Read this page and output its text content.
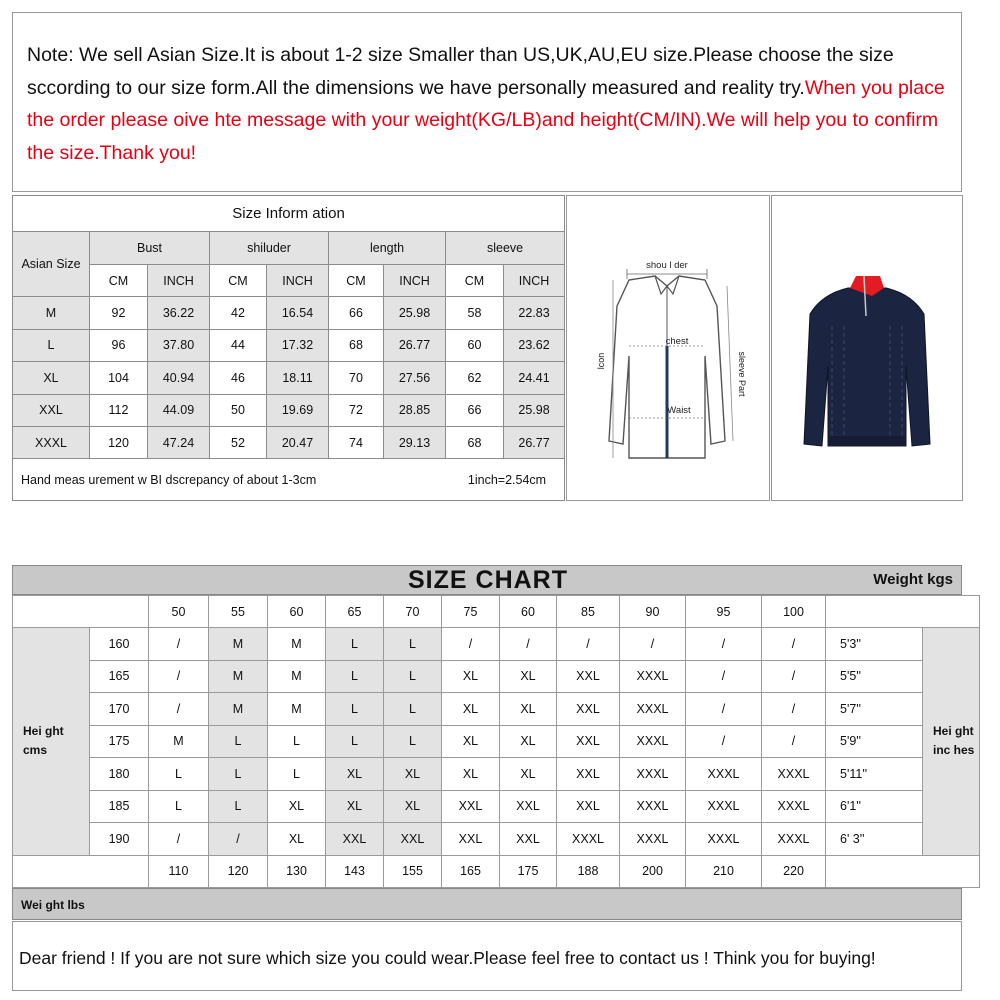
Note: We sell Asian Size.It is about 1-2 size Smaller than US,UK,AU,EU size.Please choose the size sccording to our size form.All the dimensions we have personally measured and reality try.When you place the order please oive hte message with your weight(KG/LB)and height(CM/IN).We will help you to confirm the size.Thank you!
Size Inform ation								
Asian Size	Bust		shiluder		length		sleeve	
	CM	INCH	CM	INCH	CM	INCH	CM	INCH
M	92	36.22	42	16.54	66	25.98	58	22.83
L	96	37.80	44	17.32	68	26.77	60	23.62
XL	104	40.94	46	18.11	70	27.56	62	24.41
XXL	112	44.09	50	19.69	72	28.85	66	25.98
XXXL	120	47.24	52	20.47	74	29.13	68	26.77

1inch=2.54cm
Hand meas urement w BI dscrepancy of about 1-3cm								
shou l der
chest
Waist
lcon	sleeve Part
SIZE CHART	Weight kgs
		50	55	60	65	70	75	60	85	90	95	100		
Hei ght cms	160	/	M	M	L	L	/	/	/	/	/	/	5'3''	Hei ght inc hes
	165	/	M	M	L	L	XL	XL	XXL	XXXL	/	/	5'5''	
	170	/	M	M	L	L	XL	XL	XXL	XXXL	/	/	5'7''	
	175	M	L	L	L	L	XL	XL	XXL	XXXL	/	/	5'9''	
	180	L	L	L	XL	XL	XL	XL	XXL	XXXL	XXXL	XXXL	5'11''	
	185	L	L	XL	XL	XL	XXL	XXL	XXL	XXXL	XXXL	XXXL	6'1''	
	190	/	/	XL	XXL	XXL	XXL	XXL	XXXL	XXXL	XXXL	XXXL	6' 3''	
		110	120	130	143	155	165	175	188	200	210	220		
Wei ght lbs
Dear friend ! If you are not sure which size you could wear.Please feel free to contact us ! Think you for buying!
